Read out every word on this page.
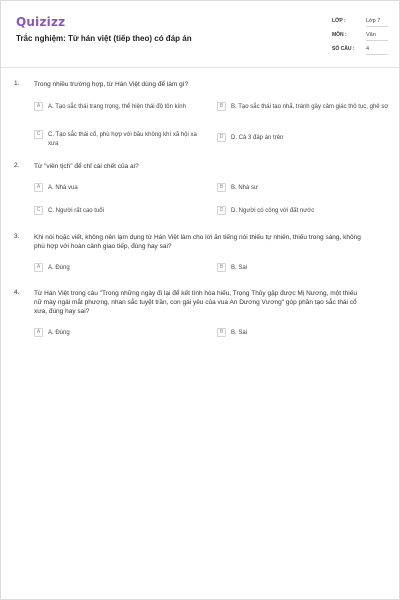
Quizizz
Trắc nghiệm: Từ hán việt (tiếp theo) có đáp án
LỚP :	Lớp 7
MÔN :	Văn
SỐ CÂU : 4
1. Trong nhiều trường hợp, từ Hán Việt dùng để làm gì?
A	A. Tạo sắc thái trang trọng, thể hiện thái độ tôn kính	B	B. Tạo sắc thái tao nhã, tránh gây cảm giác thô tục, ghê sợ
C	C. Tạo sắc thái cổ, phù hợp với bầu không khí xã hội xa xưa
D	D. Cả 3 đáp án trên
2. Từ "viên tịch" để chỉ cái chết của ai?
A	A. Nhà vua	B	B. Nhà sư
C	C. Người rất cao tuổi	D	D. Người có công với đất nước
3. Khi nói hoặc viết, không nên lạm dụng từ Hán Việt làm cho lời ăn tiếng nói thiếu tự nhiên, thiếu trong sáng, không phù hợp với hoàn cảnh giao tiếp, đúng hay sai?
A	A. Đúng	B	B. Sai
4. Từ Hán Việt trong câu "Trong những ngày đi lại để kết tình hòa hiếu, Trọng Thủy gặp được Mị Nương, một thiếu nữ mày ngài mắt phượng, nhan sắc tuyệt trần, con gái yêu của vua An Dương Vương" góp phần tạo sắc thái cổ xưa, đúng hay sai?
A	A. Đúng	B	B. Sai
